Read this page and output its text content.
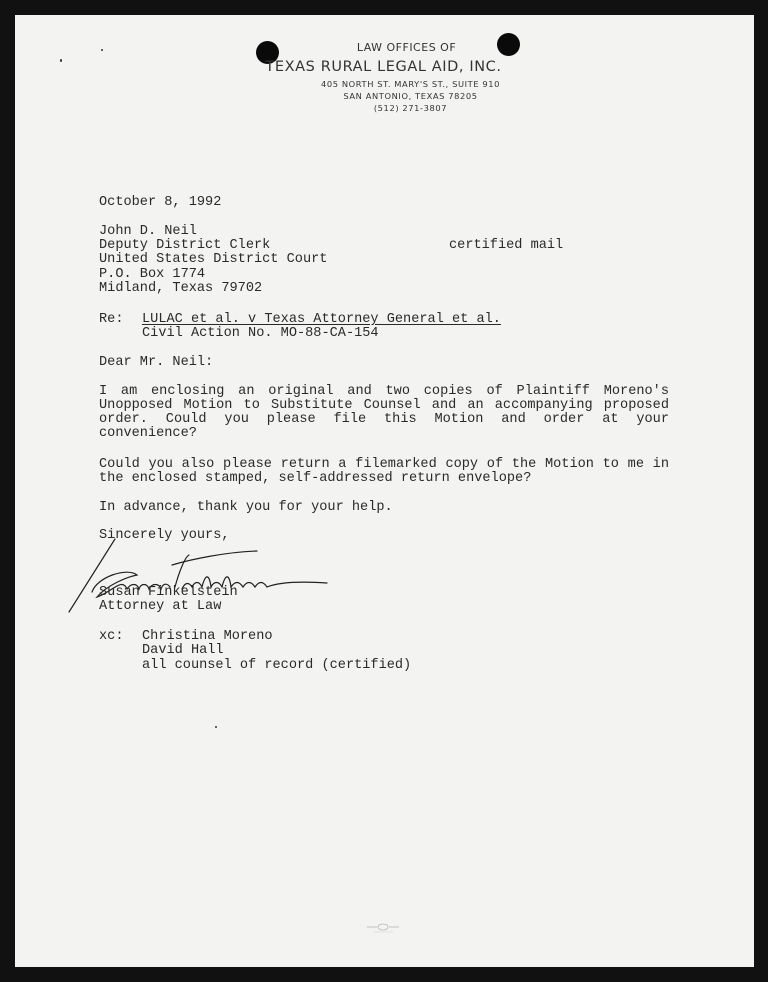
LAW OFFICES OF
TEXAS RURAL LEGAL AID, INC.
405 NORTH ST. MARY'S ST., SUITE 910
SAN ANTONIO, TEXAS 78205
(512) 271-3807
October 8, 1992
John D. Neil
Deputy District Clerk
United States District Court
P.O. Box 1774
Midland, Texas 79702
certified mail
Re: LULAC et al. v Texas Attorney General et al.
Civil Action No. MO-88-CA-154
Dear Mr. Neil:
I am enclosing an original and two copies of Plaintiff Moreno's Unopposed Motion to Substitute Counsel and an accompanying proposed order. Could you please file this Motion and order at your convenience?
Could you also please return a filemarked copy of the Motion to me in the enclosed stamped, self-addressed return envelope?
In advance, thank you for your help.
Sincerely yours,
Susan Finkelstein
Attorney at Law
xc: Christina Moreno
David Hall
all counsel of record (certified)
